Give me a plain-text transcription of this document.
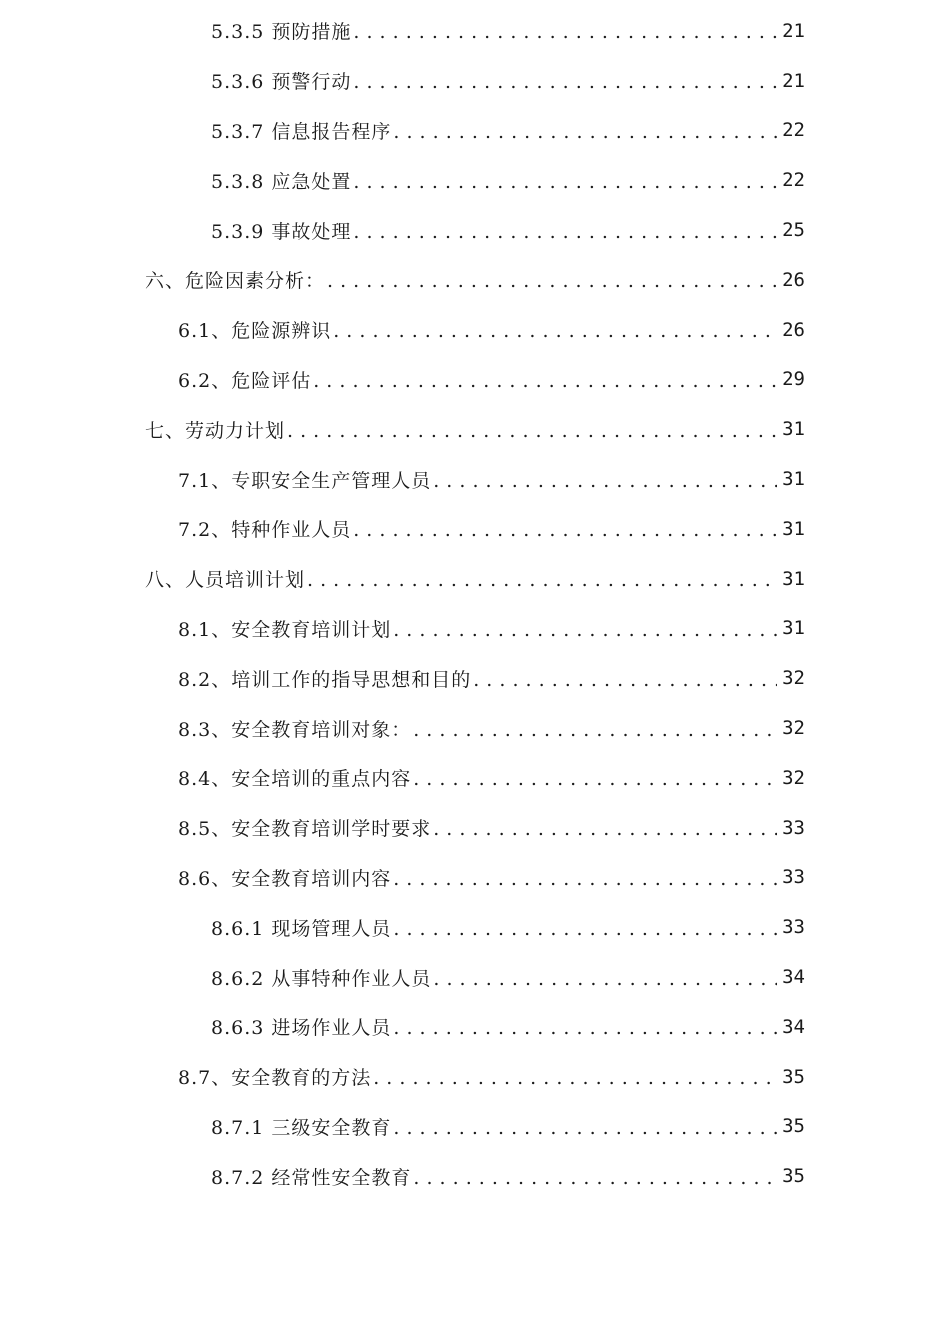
5.3.5 预防措施 . . .	21
5.3.6 预警行动 . . .	21
5.3.7 信息报告程序 . . .	22
5.3.8 应急处置 . . .	22
5.3.9 事故处理 . . .	25
六、危险因素分析： . . .	26
6.1、危险源辨识 . . .	26
6.2、危险评估 . . .	29
七、劳动力计划 . . .	31
7.1、专职安全生产管理人员 . . .	31
7.2、特种作业人员 . . .	31
八、人员培训计划 . . .	31
8.1、安全教育培训计划 . . .	31
8.2、培训工作的指导思想和目的 . . .	32
8.3、安全教育培训对象： . . .	32
8.4、安全培训的重点内容 . . .	32
8.5、安全教育培训学时要求 . . .	33
8.6、安全教育培训内容 . . .	33
8.6.1 现场管理人员 . . .	33
8.6.2 从事特种作业人员 . . .	34
8.6.3 进场作业人员 . . .	34
8.7、安全教育的方法 . . .	35
8.7.1 三级安全教育 . . .	35
8.7.2 经常性安全教育 . . .	35
